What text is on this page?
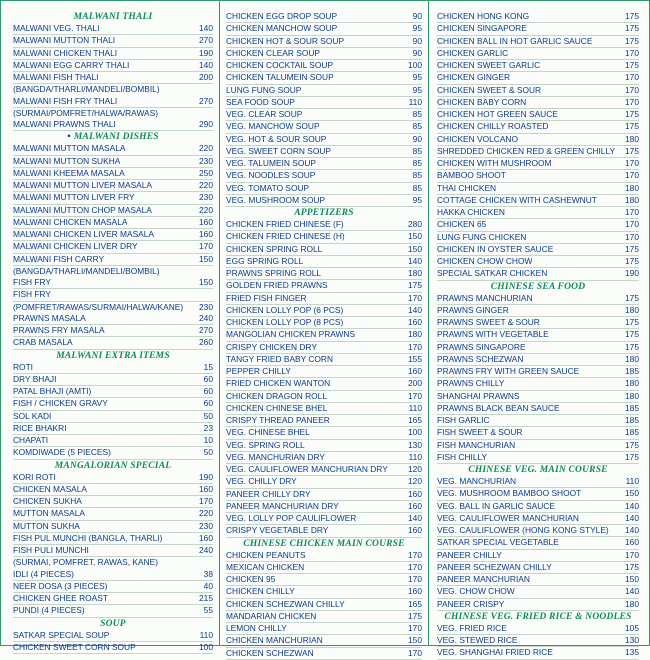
MALWANI THALI
MALWANI VEG. THALI	140
MALWANI MUTTON THALI	270
MALWANI CHICKEN THALI	190
MALWANI EGG CARRY THALI	140
MALWANI FISH THALI	200
(BANGDA/THARLI/MANDELI/BOMBIL)
MALWANI FISH FRY THALI	270
(SURMAI/POMFRET/HALWA/RAWAS)
MALWANI PRAWNS THALI	290
• MALWANI DISHES
MALWANI MUTTON MASALA	220
MALWANI MUTTON SUKHA	230
MALWANI KHEEMA MASALA	250
MALWANI MUTTON LIVER MASALA	220
MALWANI MUTTON LIVER FRY	230
MALWANI MUTTON CHOP MASALA	220
MALWANI CHICKEN MASALA	160
MALWANI CHICKEN LIVER MASALA	160
MALWANI CHICKEN LIVER DRY	170
MALWANI FISH CARRY	150
(BANGDA/THARLI/MANDELI/BOMBIL)
FISH FRY	150
FISH FRY
(POMFRET/RAWAS/SURMAI/HALWA/KANE)	230
PRAWNS MASALA	240
PRAWNS FRY MASALA	270
CRAB MASALA	260
MALWANI EXTRA ITEMS
ROTI	15
DRY BHAJI	60
PATAL BHAJI (AMTI)	60
FISH / CHICKEN GRAVY	60
SOL KADI	50
RICE BHAKRI	23
CHAPATI	10
KOMDIWADE (5 PIECES)	50
MANGALORIAN SPECIAL
KORI ROTI	190
CHICKEN MASALA	160
CHICKEN SUKHA	170
MUTTON MASALA	220
MUTTON SUKHA	230
FISH PUL MUNCHI (BANGLA, THARLI)	160
FISH PULI MUNCHI	240
(SURMAI, POMFRET, RAWAS, KANE)
IDLI (4 PIECES)	38
NEER DOSA (3 PIECES)	40
CHICKEN GHEE ROAST	215
PUNDI (4 PIECES)	55
SOUP
SATKAR SPECIAL SOUP	110
CHICKEN SWEET CORN SOUP	100
CHICKEN EGG DROP SOUP	90
CHICKEN MANCHOW SOUP	95
CHICKEN HOT & SOUR SOUP	90
CHICKEN CLEAR SOUP	90
CHICKEN COCKTAIL SOUP	100
CHICKEN TALUMEIN SOUP	95
LUNG FUNG SOUP	95
SEA FOOD SOUP	110
VEG. CLEAR SOUP	85
VEG. MANCHOW SOUP	85
VEG. HOT & SOUR SOUP	90
VEG. SWEET CORN SOUP	85
VEG. TALUMEIN SOUP	85
VEG. NOODLES SOUP	85
VEG. TOMATO SOUP	85
VEG. MUSHROOM SOUP	95
APPETIZERS
CHICKEN FRIED CHINESE (F)	280
CHICKEN FRIED CHINESE (H)	150
CHICKEN SPRING ROLL	150
EGG SPRING ROLL	140
PRAWNS SPRING ROLL	180
GOLDEN FRIED PRAWNS	175
FRIED FISH FINGER	170
CHICKEN LOLLY POP (6 PCS)	140
CHICKEN LOLLY POP (8 PCS)	160
MANGOLIAN CHICKEN PRAWNS	180
CRISPY CHICKEN DRY	170
TANGY FRIED BABY CORN	155
PEPPER CHILLY	160
FRIED CHICKEN WANTON	200
CHICKEN DRAGON ROLL	170
CHICKEN CHINESE BHEL	110
CRISPY THREAD PANEER	165
VEG. CHINESE BHEL	100
VEG. SPRING ROLL	130
VEG. MANCHURIAN DRY	110
VEG. CAULIFLOWER MANCHURIAN DRY	120
VEG. CHILLY DRY	120
PANEER CHILLY DRY	160
PANEER MANCHURIAN DRY	160
VEG. LOLLY POP CAULIFLOWER	140
CRISPY VEGETABLE DRY	160
CHINESE CHICKEN MAIN COURSE
CHICKEN PEANUTS	170
MEXICAN CHICKEN	170
CHICKEN 95	170
CHICKEN CHILLY	160
CHICKEN SCHEZWAN CHILLY	165
MANDARIAN CHICKEN	175
LEMON CHILLY	170
CHICKEN MANCHURIAN	150
CHICKEN SCHEZWAN	170
CHICKEN HONG KONG	175
CHICKEN SINGAPORE	175
CHICKEN BALL IN HOT GARLIC SAUCE	175
CHICKEN GARLIC	170
CHICKEN SWEET GARLIC	175
CHICKEN GINGER	170
CHICKEN SWEET & SOUR	170
CHICKEN BABY CORN	170
CHICKEN HOT GREEN SAUCE	175
CHICKEN CHILLY ROASTED	175
CHICKEN VOLCANO	180
SHREDDED CHICKEN RED & GREEN CHILLY	175
CHICKEN WITH MUSHROOM	170
BAMBOO SHOOT	170
THAI CHICKEN	180
COTTAGE CHICKEN WITH CASHEWNUT	180
HAKKA CHICKEN	170
CHICKEN 65	170
LUNG FUNG CHICKEN	170
CHICKEN IN OYSTER SAUCE	175
CHICKEN CHOW CHOW	175
SPECIAL SATKAR CHICKEN	190
CHINESE SEA FOOD
PRAWNS MANCHURIAN	175
PRAWNS GINGER	180
PRAWNS SWEET & SOUR	175
PRAWNS WITH VEGETABLE	175
PRAWNS SINGAPORE	175
PRAWNS SCHEZWAN	180
PRAWNS FRY WITH GREEN SAUCE	185
PRAWNS CHILLY	180
SHANGHAI PRAWNS	180
PRAWNS BLACK BEAN SAUCE	185
FISH GARLIC	185
FISH SWEET & SOUR	185
FISH MANCHURIAN	175
FISH CHILLY	175
CHINESE VEG. MAIN COURSE
VEG. MANCHURIAN	110
VEG. MUSHROOM BAMBOO SHOOT	150
VEG. BALL IN GARLIC SAUCE	140
VEG. CAULIFLOWER MANCHURIAN	140
VEG. CAULIFLOWER (HONG KONG STYLE)	140
SATKAR SPECIAL VEGETABLE	160
PANEER CHILLY	170
PANEER SCHEZWAN CHILLY	175
PANEER MANCHURIAN	150
VEG. CHOW CHOW	140
PANEER CRISPY	180
CHINESE VEG. FRIED RICE & NOODLES
VEG. FRIED RICE	105
VEG. STEWED RICE	130
VEG. SHANGHAI FRIED RICE	135
